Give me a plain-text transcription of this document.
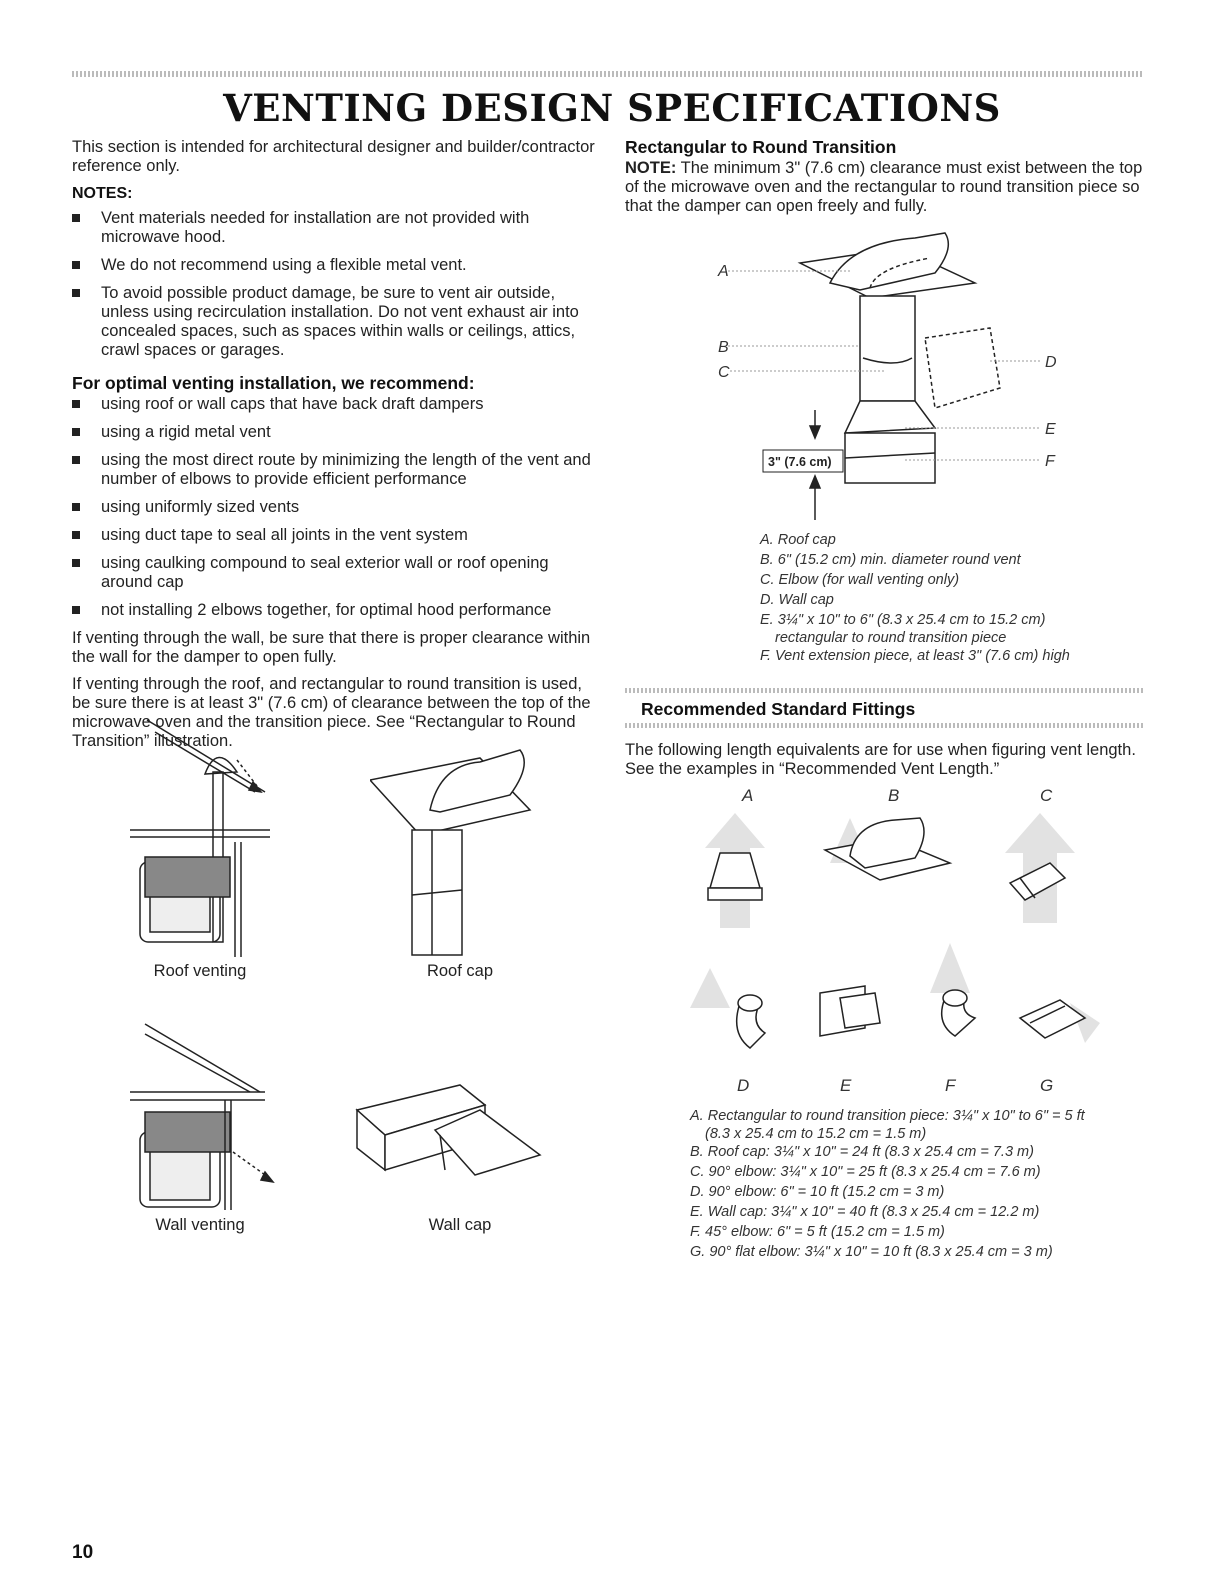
VENTING DESIGN SPECIFICATIONS

This section is intended for architectural designer and builder/contractor reference only.

NOTES:
Vent materials needed for installation are not provided with microwave hood.
We do not recommend using a flexible metal vent.
To avoid possible product damage, be sure to vent air outside, unless using recirculation installation. Do not vent exhaust air into concealed spaces, such as spaces within walls or ceilings, attics, crawl spaces or garages.
For optimal venting installation, we recommend:
using roof or wall caps that have back draft dampers
using a rigid metal vent
using the most direct route by minimizing the length of the vent and number of elbows to provide efficient performance
using uniformly sized vents
using duct tape to seal all joints in the vent system
using caulking compound to seal exterior wall or roof opening around cap
not installing 2 elbows together, for optimal hood performance

If venting through the wall, be sure that there is proper clearance within the wall for the damper to open fully.

If venting through the roof, and rectangular to round transition is used, be sure there is at least 3" (7.6 cm) of clearance between the top of the microwave oven and the transition piece. See “Rectangular to Round Transition” illustration.

Roof venting	Roof cap
Wall venting	Wall cap
Rectangular to Round Transition

NOTE: The minimum 3" (7.6 cm) clearance must exist between the top of the microwave oven and the rectangular to round transition piece so that the damper can open freely and fully.

A
B
C
D
E
F
3" (7.6 cm)
A. Roof cap
B. 6" (15.2 cm) min. diameter round vent
C. Elbow (for wall venting only)
D. Wall cap
E. 3¼" x 10" to 6" (8.3 x 25.4 cm to 15.2 cm)
rectangular to round transition piece
F. Vent extension piece, at least 3" (7.6 cm) high
Recommended Standard Fittings
The following length equivalents are for use when figuring vent length. See the examples in “Recommended Vent Length.”
A	B	C
D	E	F	G
A. Rectangular to round transition piece: 3¼" x 10" to 6" = 5 ft
(8.3 x 25.4 cm to 15.2 cm = 1.5 m)
B. Roof cap: 3¼" x 10" = 24 ft (8.3 x 25.4 cm = 7.3 m)
C. 90° elbow: 3¼" x 10" = 25 ft (8.3 x 25.4 cm = 7.6 m)
D. 90° elbow: 6" = 10 ft (15.2 cm = 3 m)
E. Wall cap: 3¼" x 10" = 40 ft (8.3 x 25.4 cm = 12.2 m)
F. 45° elbow: 6" = 5 ft (15.2 cm = 1.5 m)
G. 90° flat elbow: 3¼" x 10" = 10 ft (8.3 x 25.4 cm = 3 m)
10
